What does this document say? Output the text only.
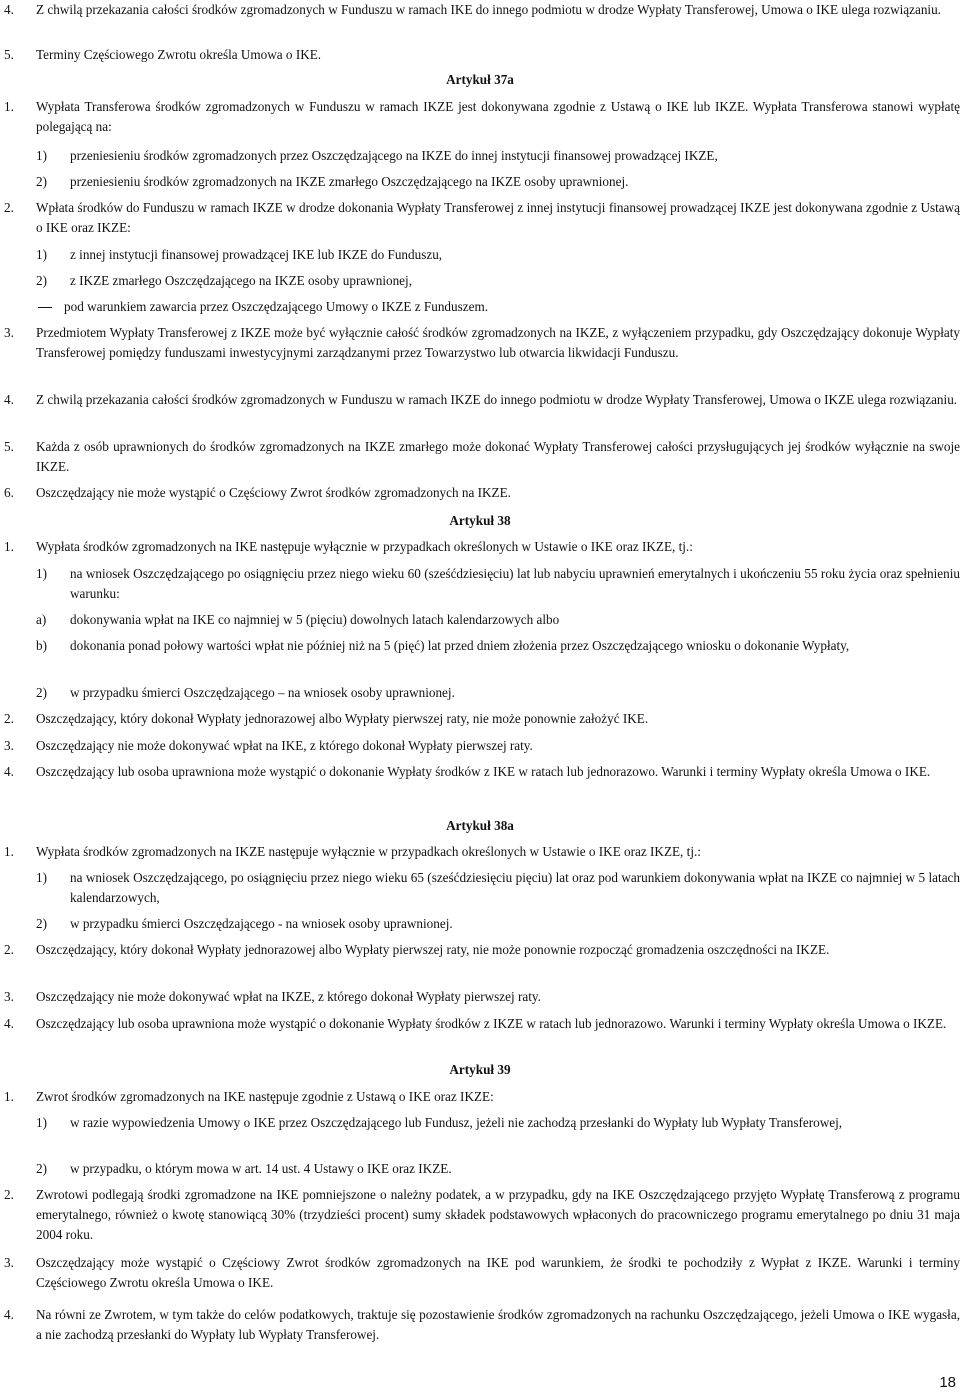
4. Z chwilą przekazania całości środków zgromadzonych w Funduszu w ramach IKE do innego podmiotu w drodze Wypłaty Transferowej, Umowa o IKE ulega rozwiązaniu.
5. Terminy Częściowego Zwrotu określa Umowa o IKE.
Artykuł 37a
1. Wypłata Transferowa środków zgromadzonych w Funduszu w ramach IKZE jest dokonywana zgodnie z Ustawą o IKE lub IKZE. Wypłata Transferowa stanowi wypłatę polegającą na:
1) przeniesieniu środków zgromadzonych przez Oszczędzającego na IKZE do innej instytucji finansowej prowadzącej IKZE,
2) przeniesieniu środków zgromadzonych na IKZE zmarłego Oszczędzającego na IKZE osoby uprawnionej.
2. Wpłata środków do Funduszu w ramach IKZE w drodze dokonania Wypłaty Transferowej z innej instytucji finansowej prowadzącej IKZE jest dokonywana zgodnie z Ustawą o IKE oraz IKZE:
1) z innej instytucji finansowej prowadzącej IKE lub IKZE do Funduszu,
2) z IKZE zmarłego Oszczędzającego na IKZE osoby uprawnionej,
pod warunkiem zawarcia przez Oszczędzającego Umowy o IKZE z Funduszem.
3. Przedmiotem Wypłaty Transferowej z IKZE może być wyłącznie całość środków zgromadzonych na IKZE, z wyłączeniem przypadku, gdy Oszczędzający dokonuje Wypłaty Transferowej pomiędzy funduszami inwestycyjnymi zarządzanymi przez Towarzystwo lub otwarcia likwidacji Funduszu.
4. Z chwilą przekazania całości środków zgromadzonych w Funduszu w ramach IKZE do innego podmiotu w drodze Wypłaty Transferowej, Umowa o IKZE ulega rozwiązaniu.
5. Każda z osób uprawnionych do środków zgromadzonych na IKZE zmarłego może dokonać Wypłaty Transferowej całości przysługujących jej środków wyłącznie na swoje IKZE.
6. Oszczędzający nie może wystąpić o Częściowy Zwrot środków zgromadzonych na IKZE.
Artykuł 38
1. Wypłata środków zgromadzonych na IKE następuje wyłącznie w przypadkach określonych w Ustawie o IKE oraz IKZE, tj.:
1) na wniosek Oszczędzającego po osiągnięciu przez niego wieku 60 (sześćdziesięciu) lat lub nabyciu uprawnień emerytalnych i ukończeniu 55 roku życia oraz spełnieniu warunku:
a) dokonywania wpłat na IKE co najmniej w 5 (pięciu) dowolnych latach kalendarzowych albo
b) dokonania ponad połowy wartości wpłat nie później niż na 5 (pięć) lat przed dniem złożenia przez Oszczędzającego wniosku o dokonanie Wypłaty,
2) w przypadku śmierci Oszczędzającego – na wniosek osoby uprawnionej.
2. Oszczędzający, który dokonał Wypłaty jednorazowej albo Wypłaty pierwszej raty, nie może ponownie założyć IKE.
3. Oszczędzający nie może dokonywać wpłat na IKE, z którego dokonał Wypłaty pierwszej raty.
4. Oszczędzający lub osoba uprawniona może wystąpić o dokonanie Wypłaty środków z IKE w ratach lub jednorazowo. Warunki i terminy Wypłaty określa Umowa o IKE.
Artykuł 38a
1. Wypłata środków zgromadzonych na IKZE następuje wyłącznie w przypadkach określonych w Ustawie o IKE oraz IKZE, tj.:
1) na wniosek Oszczędzającego, po osiągnięciu przez niego wieku 65 (sześćdziesięciu pięciu) lat oraz pod warunkiem dokonywania wpłat na IKZE co najmniej w 5 latach kalendarzowych,
2) w przypadku śmierci Oszczędzającego - na wniosek osoby uprawnionej.
2. Oszczędzający, który dokonał Wypłaty jednorazowej albo Wypłaty pierwszej raty, nie może ponownie rozpocząć gromadzenia oszczędności na IKZE.
3. Oszczędzający nie może dokonywać wpłat na IKZE, z którego dokonał Wypłaty pierwszej raty.
4. Oszczędzający lub osoba uprawniona może wystąpić o dokonanie Wypłaty środków z IKZE w ratach lub jednorazowo. Warunki i terminy Wypłaty określa Umowa o IKZE.
Artykuł 39
1. Zwrot środków zgromadzonych na IKE następuje zgodnie z Ustawą o IKE oraz IKZE:
1) w razie wypowiedzenia Umowy o IKE przez Oszczędzającego lub Fundusz, jeżeli nie zachodzą przesłanki do Wypłaty lub Wypłaty Transferowej,
2) w przypadku, o którym mowa w art. 14 ust. 4 Ustawy o IKE oraz IKZE.
2. Zwrotowi podlegają środki zgromadzone na IKE pomniejszone o należny podatek, a w przypadku, gdy na IKE Oszczędzającego przyjęto Wypłatę Transferową z programu emerytalnego, również o kwotę stanowiącą 30% (trzydzieści procent) sumy składek podstawowych wpłaconych do pracowniczego programu emerytalnego po dniu 31 maja 2004 roku.
3. Oszczędzający może wystąpić o Częściowy Zwrot środków zgromadzonych na IKE pod warunkiem, że środki te pochodziły z Wypłat z IKZE. Warunki i terminy Częściowego Zwrotu określa Umowa o IKE.
4. Na równi ze Zwrotem, w tym także do celów podatkowych, traktuje się pozostawienie środków zgromadzonych na rachunku Oszczędzającego, jeżeli Umowa o IKE wygasła, a nie zachodzą przesłanki do Wypłaty lub Wypłaty Transferowej.
18
